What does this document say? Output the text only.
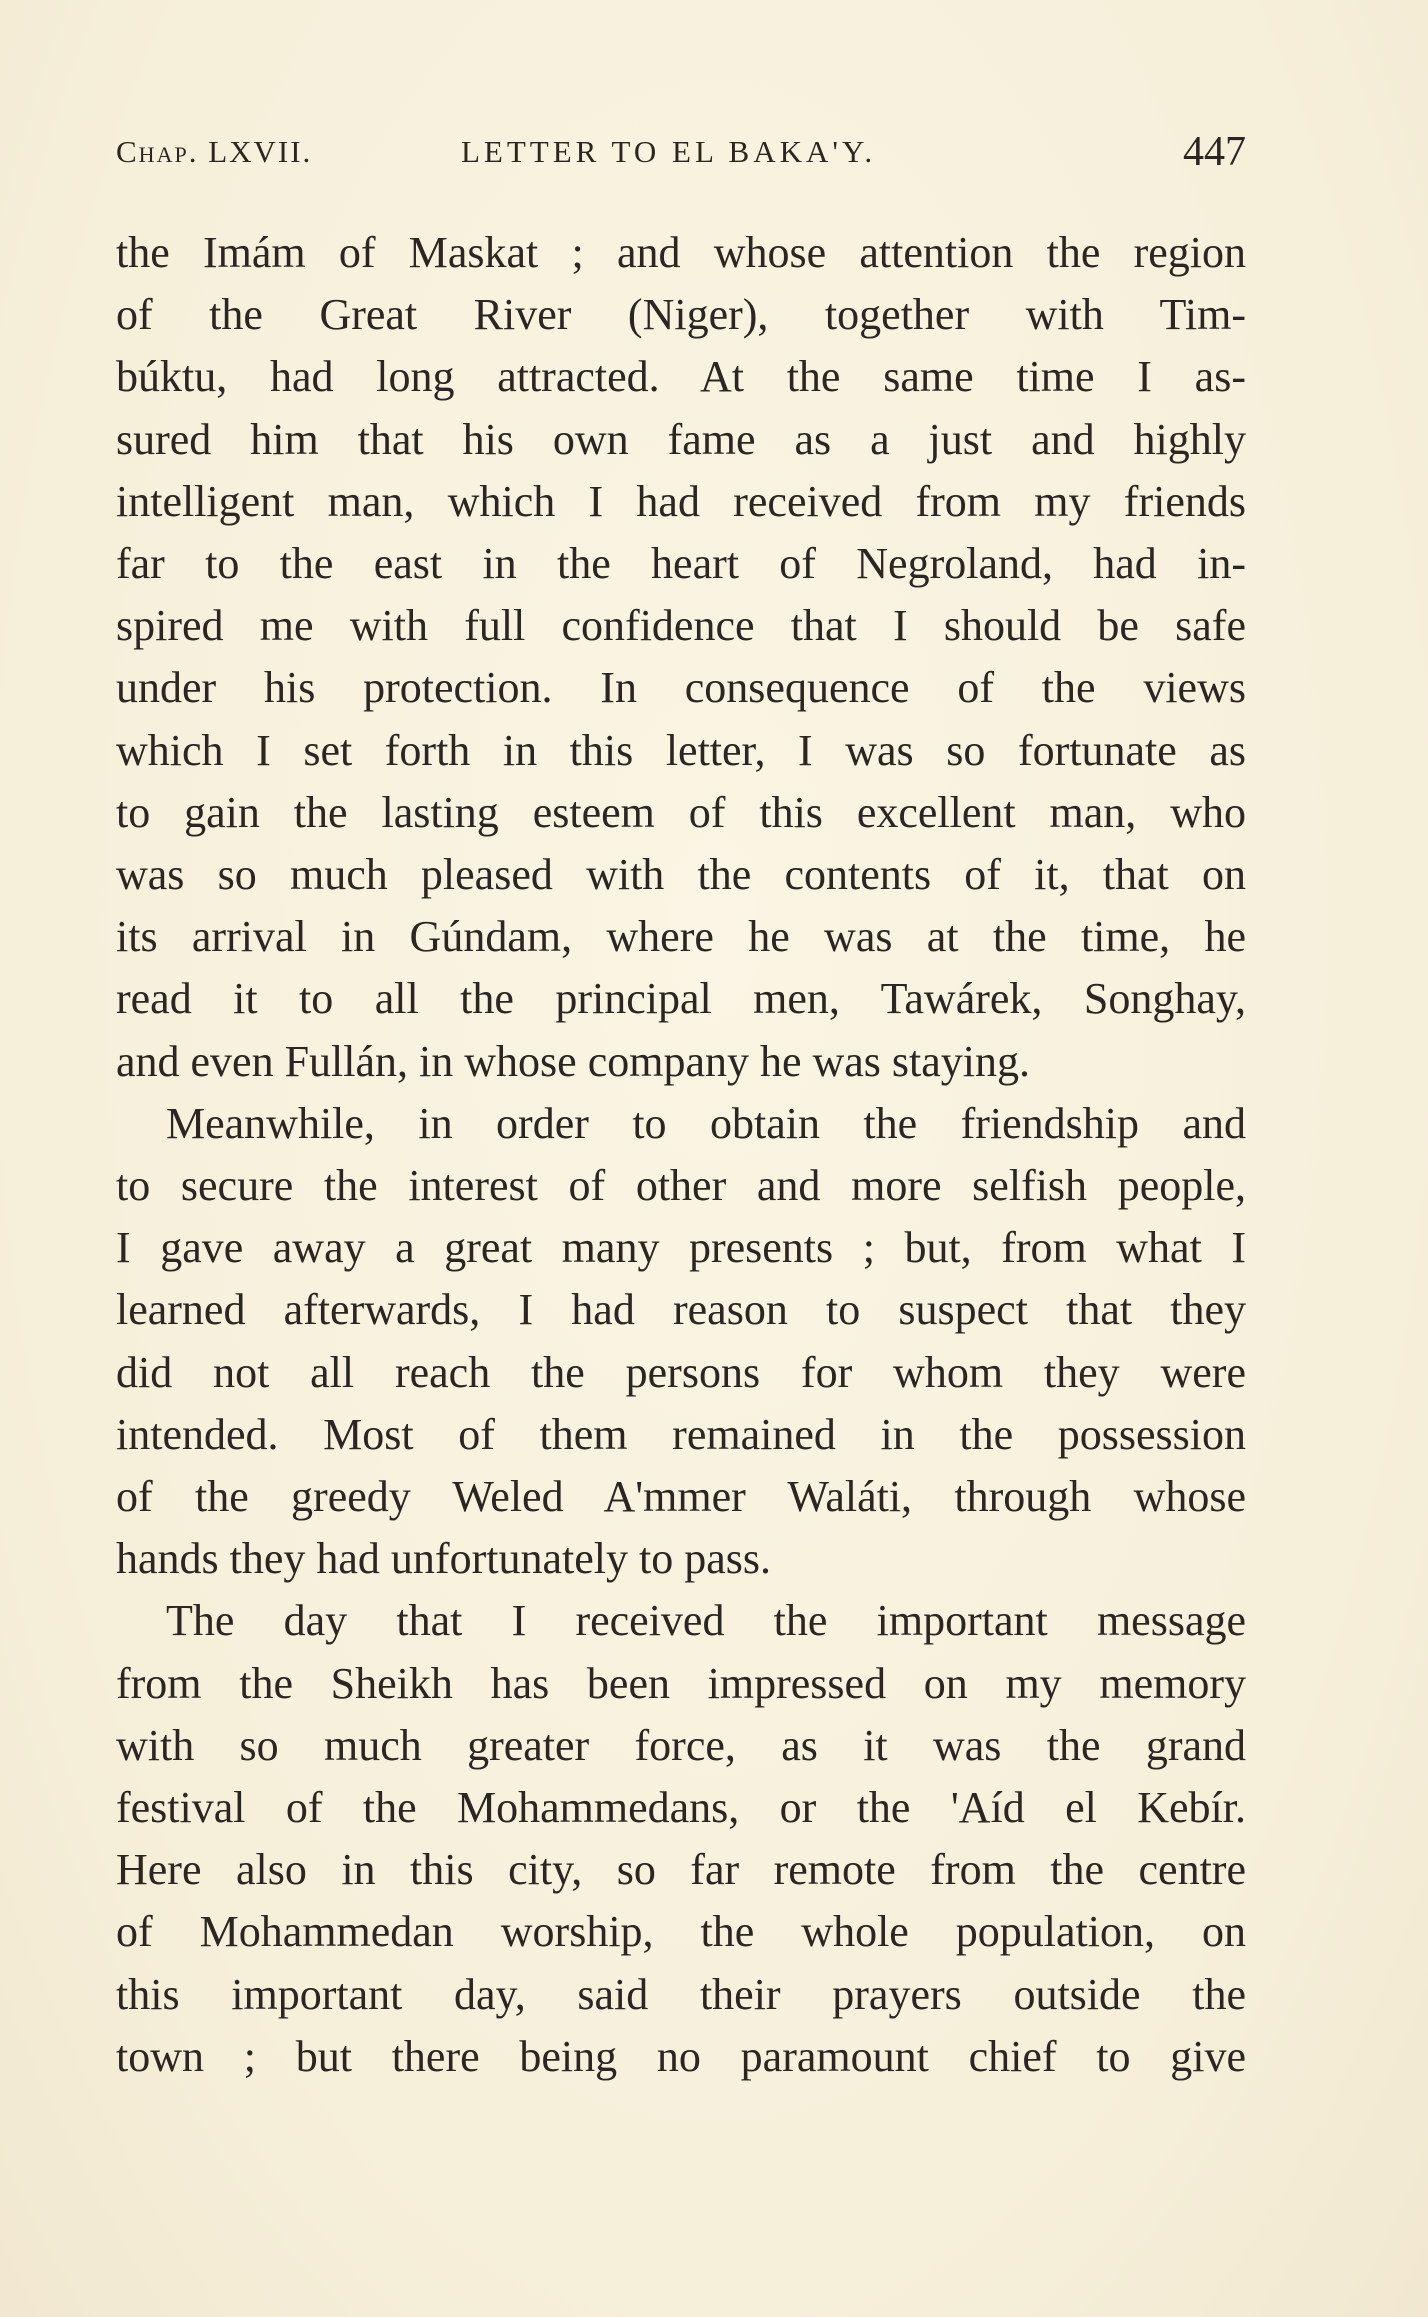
Chap. LXVII.	LETTER TO EL BAKA'Y.	447
the Imám of Maskat ; and whose attention the region
of the Great River (Niger), together with Tim-
búktu, had long attracted. At the same time I as-
sured him that his own fame as a just and highly
intelligent man, which I had received from my friends
far to the east in the heart of Negroland, had in-
spired me with full confidence that I should be safe
under his protection. In consequence of the views
which I set forth in this letter, I was so fortunate as
to gain the lasting esteem of this excellent man, who
was so much pleased with the contents of it, that on
its arrival in Gúndam, where he was at the time, he
read it to all the principal men, Tawárek, Songhay,
and even Fullán, in whose company he was staying.
Meanwhile, in order to obtain the friendship and
to secure the interest of other and more selfish people,
I gave away a great many presents ; but, from what I
learned afterwards, I had reason to suspect that they
did not all reach the persons for whom they were
intended. Most of them remained in the possession
of the greedy Weled A'mmer Waláti, through whose
hands they had unfortunately to pass.
The day that I received the important message
from the Sheikh has been impressed on my memory
with so much greater force, as it was the grand
festival of the Mohammedans, or the 'Aíd el Kebír.
Here also in this city, so far remote from the centre
of Mohammedan worship, the whole population, on
this important day, said their prayers outside the
town ; but there being no paramount chief to give
